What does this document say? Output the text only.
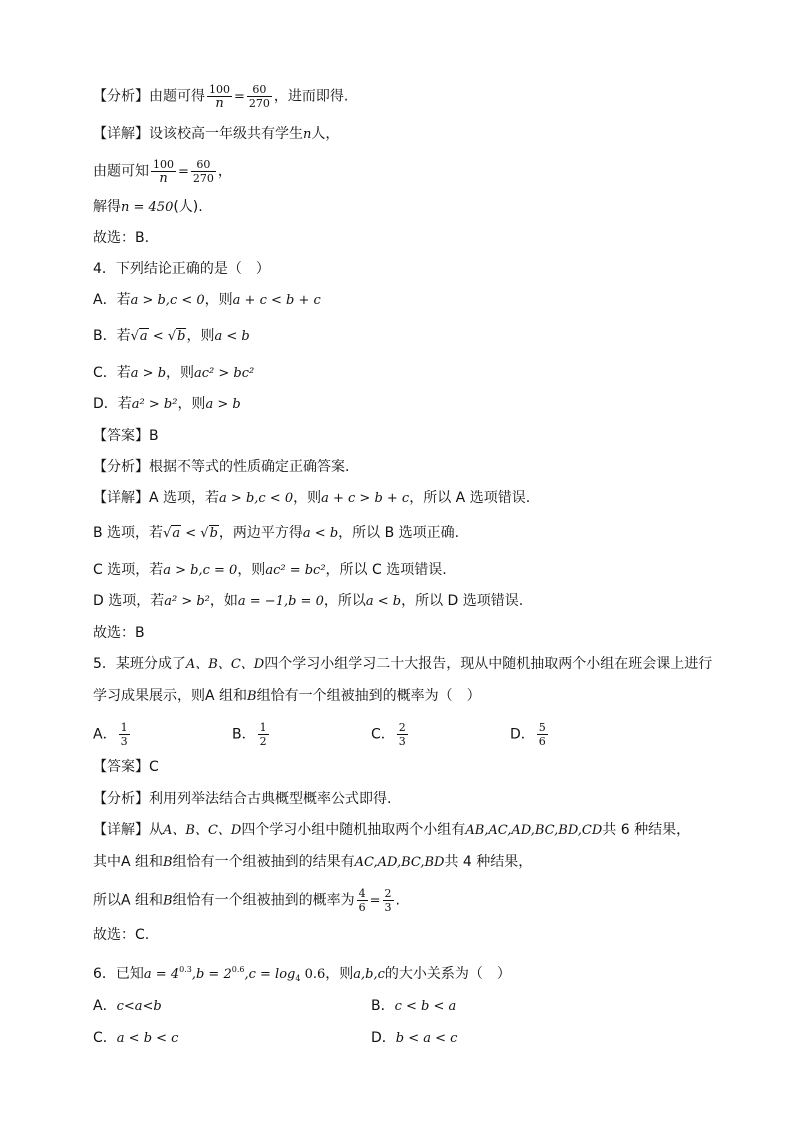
【分析】由题可得 $\frac{100}{n} = \frac{60}{270}$ ，进而即得.
【详解】设该校高一年级共有学生n人，
由题可知 $\frac{100}{n} = \frac{60}{270}$ ，
解得n = 450(人).
故选：B.
4．下列结论正确的是（　）
A．若a > b,c < 0，则a + c < b + c
B．若√a < √b，则a < b
C．若a > b，则ac² > bc²
D．若a² > b²，则a > b
【答案】B
【分析】根据不等式的性质确定正确答案.
【详解】A 选项，若a > b,c < 0，则a + c > b + c，所以 A 选项错误.
B 选项，若√a < √b，两边平方得a < b，所以 B 选项正确.
C 选项，若a > b,c = 0，则ac² = bc²，所以 C 选项错误.
D 选项，若a² > b²，如a = −1,b = 0，所以a < b，所以 D 选项错误.
故选：B
5．某班分成了A、B、C、D四个学习小组学习二十大报告，现从中随机抽取两个小组在班会课上进行
学习成果展示，则A 组和B组恰有一个组被抽到的概率为（　）
A． $\frac{1}{3}$	B． $\frac{1}{2}$	C． $\frac{2}{3}$	D． $\frac{5}{6}$
【答案】C
【分析】利用列举法结合古典概型概率公式即得.
【详解】从A、B、C、D四个学习小组中随机抽取两个小组有AB,AC,AD,BC,BD,CD共 6 种结果，
其中A 组和B组恰有一个组被抽到的结果有AC,AD,BC,BD共 4 种结果，
所以A 组和B组恰有一个组被抽到的概率为 $\frac{4}{6} = \frac{2}{3}$ .
故选：C.
6．已知$a = 4^{0.3},b = 2^{0.6},c = \log_4 0.6$，则a,b,c的大小关系为（　）
A．c<a<b	B．c < b < a
C．a < b < c	D．b < a < c
